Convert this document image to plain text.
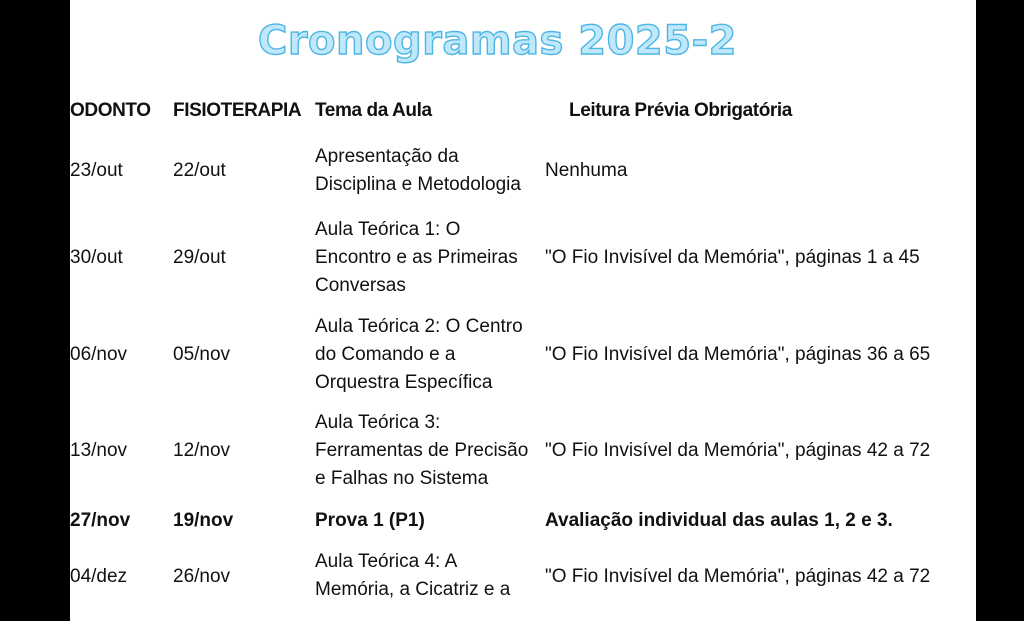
Cronogramas 2025-2
ODONTO	FISIOTERAPIA	Tema da Aula	Leitura Prévia Obrigatória
23/out	22/out	Apresentação da Disciplina e Metodologia	Nenhuma
30/out	29/out	Aula Teórica 1: O Encontro e as Primeiras Conversas	"O Fio Invisível da Memória", páginas 1 a 45
06/nov	05/nov	Aula Teórica 2: O Centro do Comando e a Orquestra Específica	"O Fio Invisível da Memória", páginas 36 a 65
13/nov	12/nov	Aula Teórica 3: Ferramentas de Precisão e Falhas no Sistema	"O Fio Invisível da Memória", páginas 42 a 72
27/nov	19/nov	Prova 1 (P1)	Avaliação individual das aulas 1, 2 e 3.
04/dez	26/nov	Aula Teórica 4: A Memória, a Cicatriz e a	"O Fio Invisível da Memória", páginas 42 a 72
